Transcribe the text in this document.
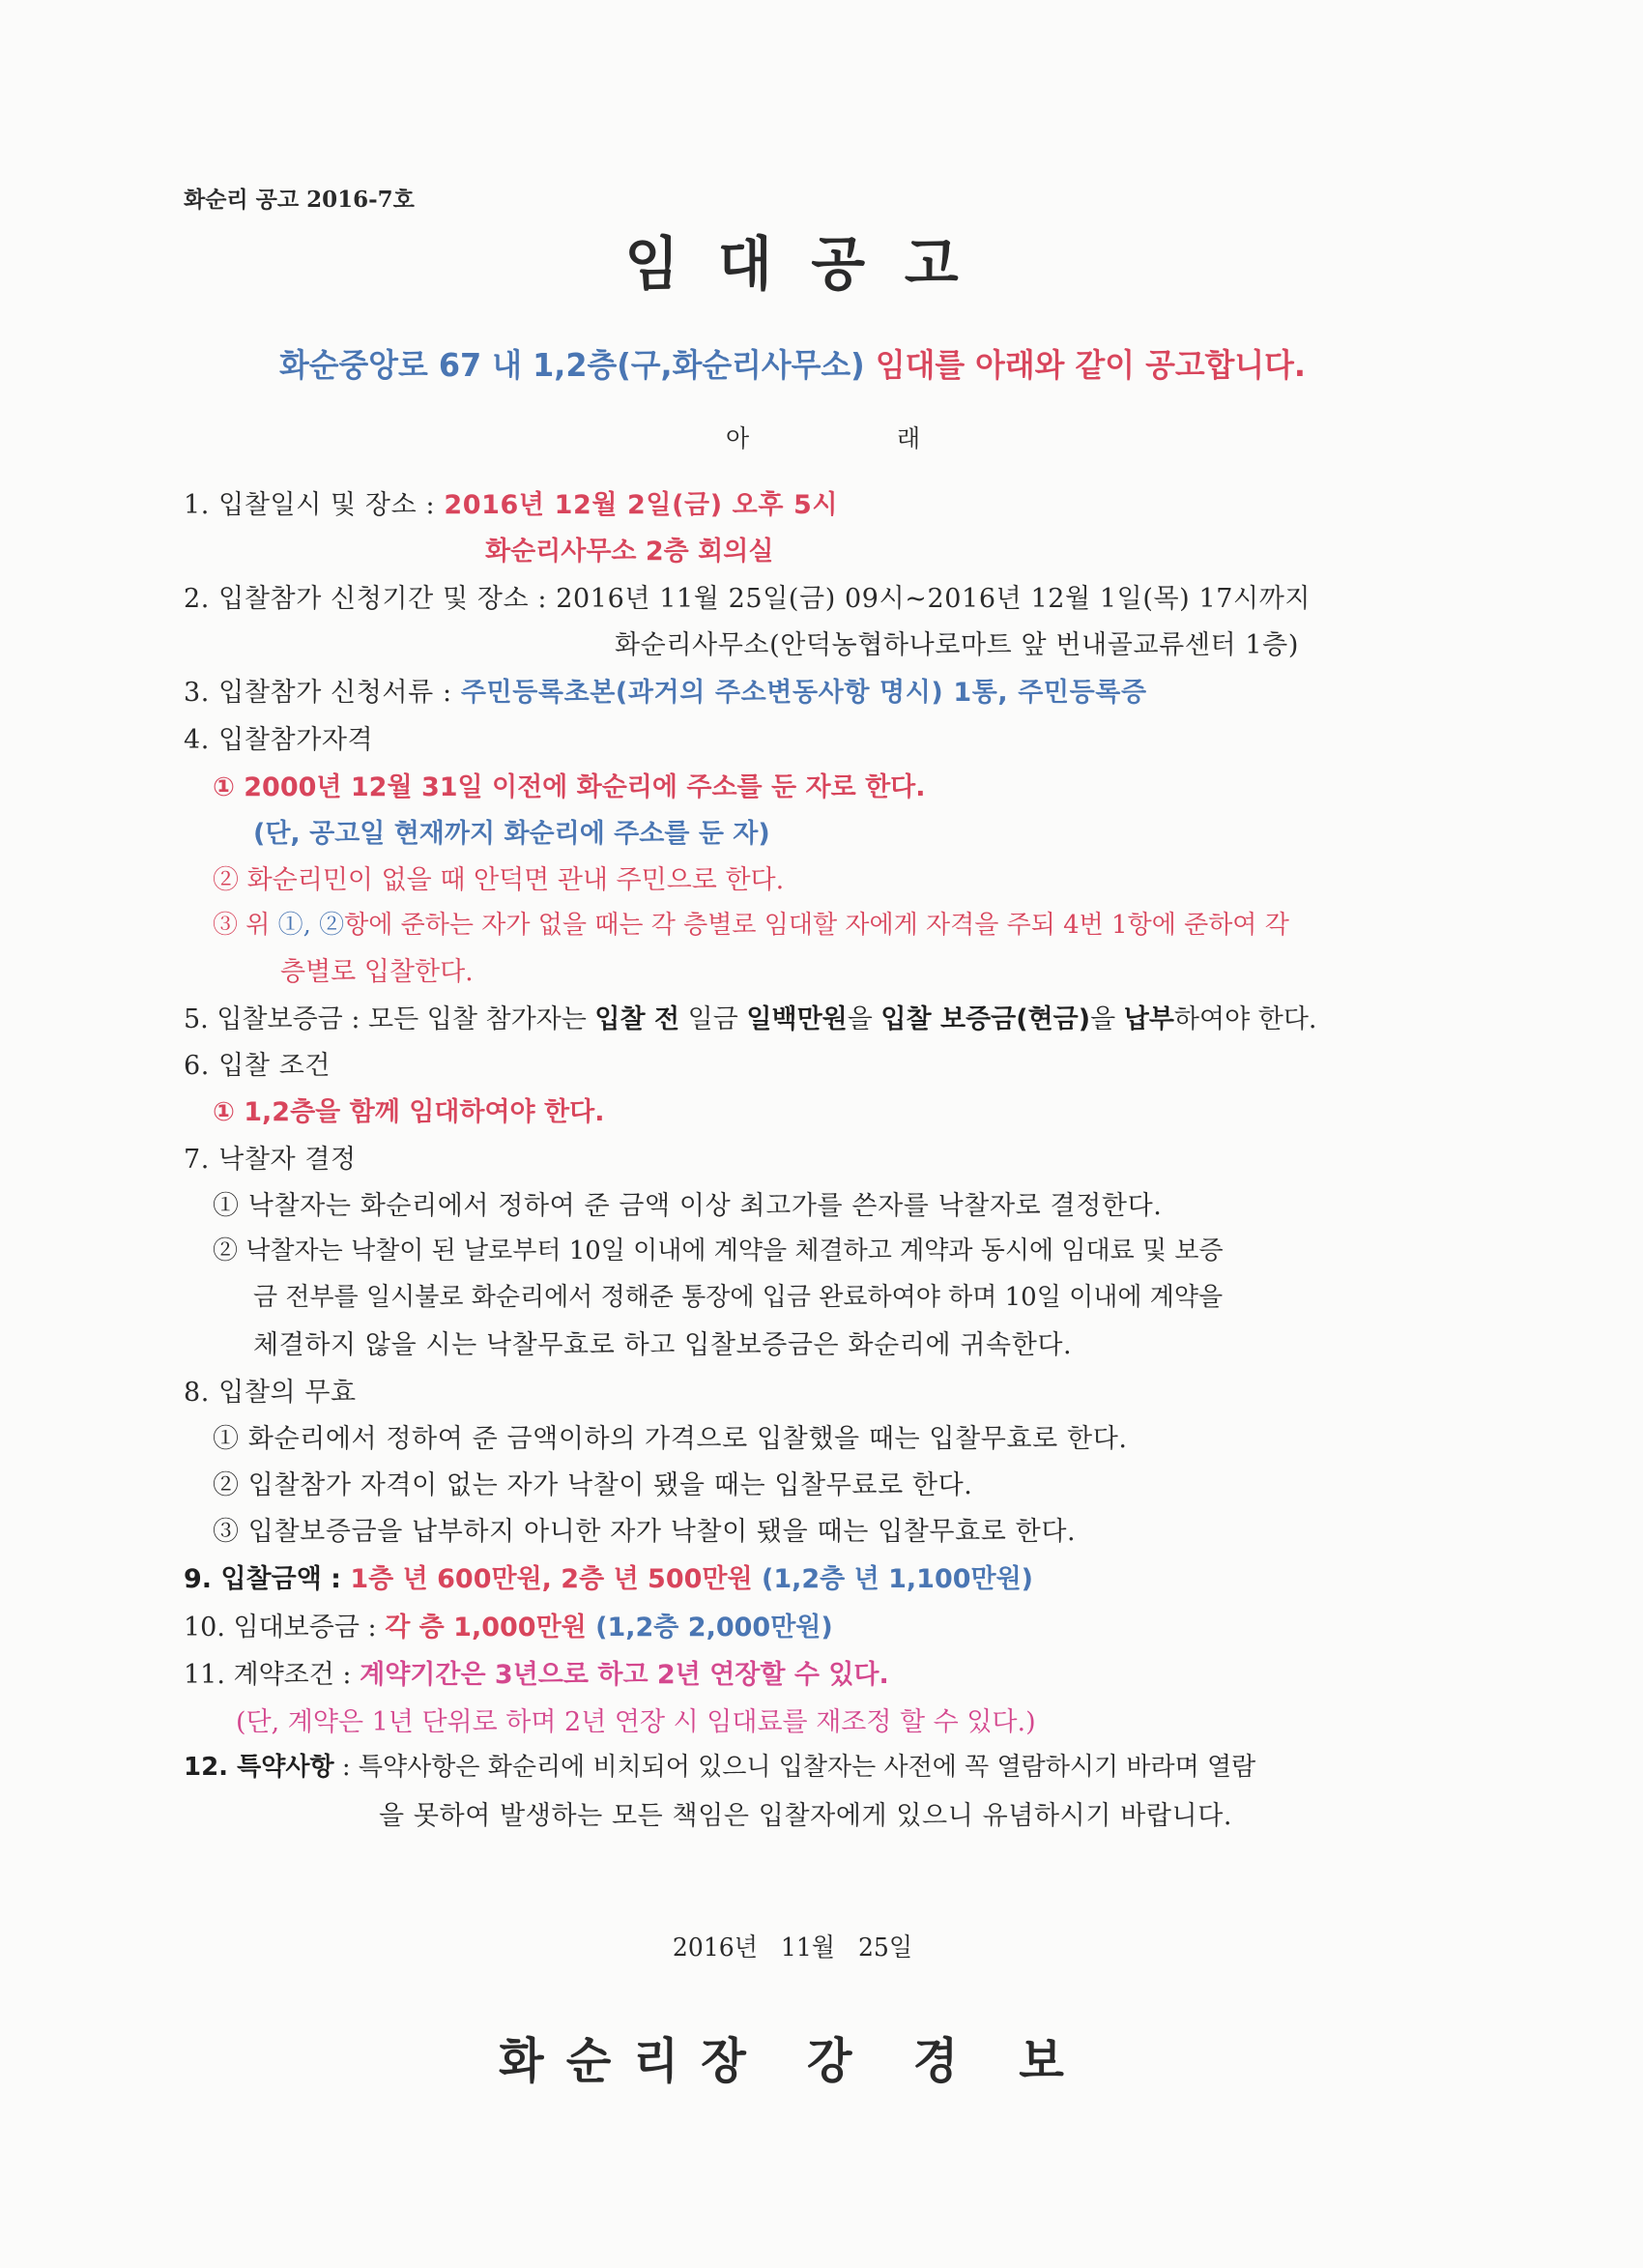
화순리 공고 2016-7호
임대공고
화순중앙로 67 내 1,2층(구,화순리사무소) 임대를 아래와 같이 공고합니다.
아	래
1. 입찰일시 및 장소 : 2016년 12월 2일(금) 오후 5시
화순리사무소 2층 회의실
2. 입찰참가 신청기간 및 장소 : 2016년 11월 25일(금) 09시~2016년 12월 1일(목) 17시까지
화순리사무소(안덕농협하나로마트 앞 번내골교류센터 1층)
3. 입찰참가 신청서류 : 주민등록초본(과거의 주소변동사항 명시) 1통, 주민등록증
4. 입찰참가자격
① 2000년 12월 31일 이전에 화순리에 주소를 둔 자로 한다.
(단, 공고일 현재까지 화순리에 주소를 둔 자)
② 화순리민이 없을 때 안덕면 관내 주민으로 한다.
③ 위 ①, ②항에 준하는 자가 없을 때는 각 층별로 임대할 자에게 자격을 주되 4번 1항에 준하여 각
층별로 입찰한다.
5. 입찰보증금 : 모든 입찰 참가자는 입찰 전 일금 일백만원을 입찰 보증금(현금)을 납부하여야 한다.
6. 입찰 조건
① 1,2층을 함께 임대하여야 한다.
7. 낙찰자 결정
① 낙찰자는 화순리에서 정하여 준 금액 이상 최고가를 쓴자를 낙찰자로 결정한다.
② 낙찰자는 낙찰이 된 날로부터 10일 이내에 계약을 체결하고 계약과 동시에 임대료 및 보증
금 전부를 일시불로 화순리에서 정해준 통장에 입금 완료하여야 하며 10일 이내에 계약을
체결하지 않을 시는 낙찰무효로 하고 입찰보증금은 화순리에 귀속한다.
8. 입찰의 무효
① 화순리에서 정하여 준 금액이하의 가격으로 입찰했을 때는 입찰무효로 한다.
② 입찰참가 자격이 없는 자가 낙찰이 됐을 때는 입찰무료로 한다.
③ 입찰보증금을 납부하지 아니한 자가 낙찰이 됐을 때는 입찰무효로 한다.
9. 입찰금액 : 1층 년 600만원, 2층 년 500만원 (1,2층 년 1,100만원)
10. 임대보증금 : 각 층 1,000만원 (1,2층 2,000만원)
11. 계약조건 : 계약기간은 3년으로 하고 2년 연장할 수 있다.
(단, 계약은 1년 단위로 하며 2년 연장 시 임대료를 재조정 할 수 있다.)
12. 특약사항 : 특약사항은 화순리에 비치되어 있으니 입찰자는 사전에 꼭 열람하시기 바라며 열람
을 못하여 발생하는 모든 책임은 입찰자에게 있으니 유념하시기 바랍니다.
2016년   11월   25일
화순리장 강 경 보
